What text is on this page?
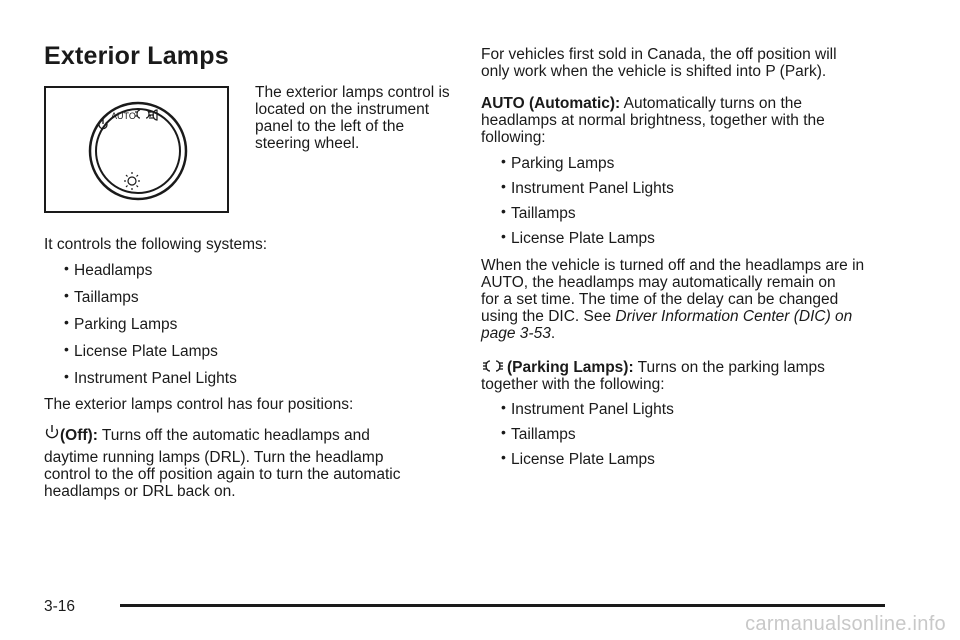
Exterior Lamps
AUTO

The exterior lamps control is located on the instrument panel to the left of the steering wheel.

It controls the following systems:

• Headlamps
• Taillamps
• Parking Lamps
• License Plate Lamps
• Instrument Panel Lights

The exterior lamps control has four positions:

(Off): Turns off the automatic headlamps and

daytime running lamps (DRL). Turn the headlamp

control to the off position again to turn the automatic

headlamps or DRL back on.

For vehicles first sold in Canada, the off position will

only work when the vehicle is shifted into P (Park).

AUTO (Automatic): Automatically turns on the

headlamps at normal brightness, together with the

following:

• Parking Lamps
• Instrument Panel Lights
• Taillamps
• License Plate Lamps

When the vehicle is turned off and the headlamps are in

AUTO, the headlamps may automatically remain on

for a set time. The time of the delay can be changed

using the DIC. See Driver Information Center (DIC) on
page 3-53.
(Parking Lamps): Turns on the parking lamps

together with the following:

• Instrument Panel Lights
• Taillamps
• License Plate Lamps
3-16
carmanualsonline.info
